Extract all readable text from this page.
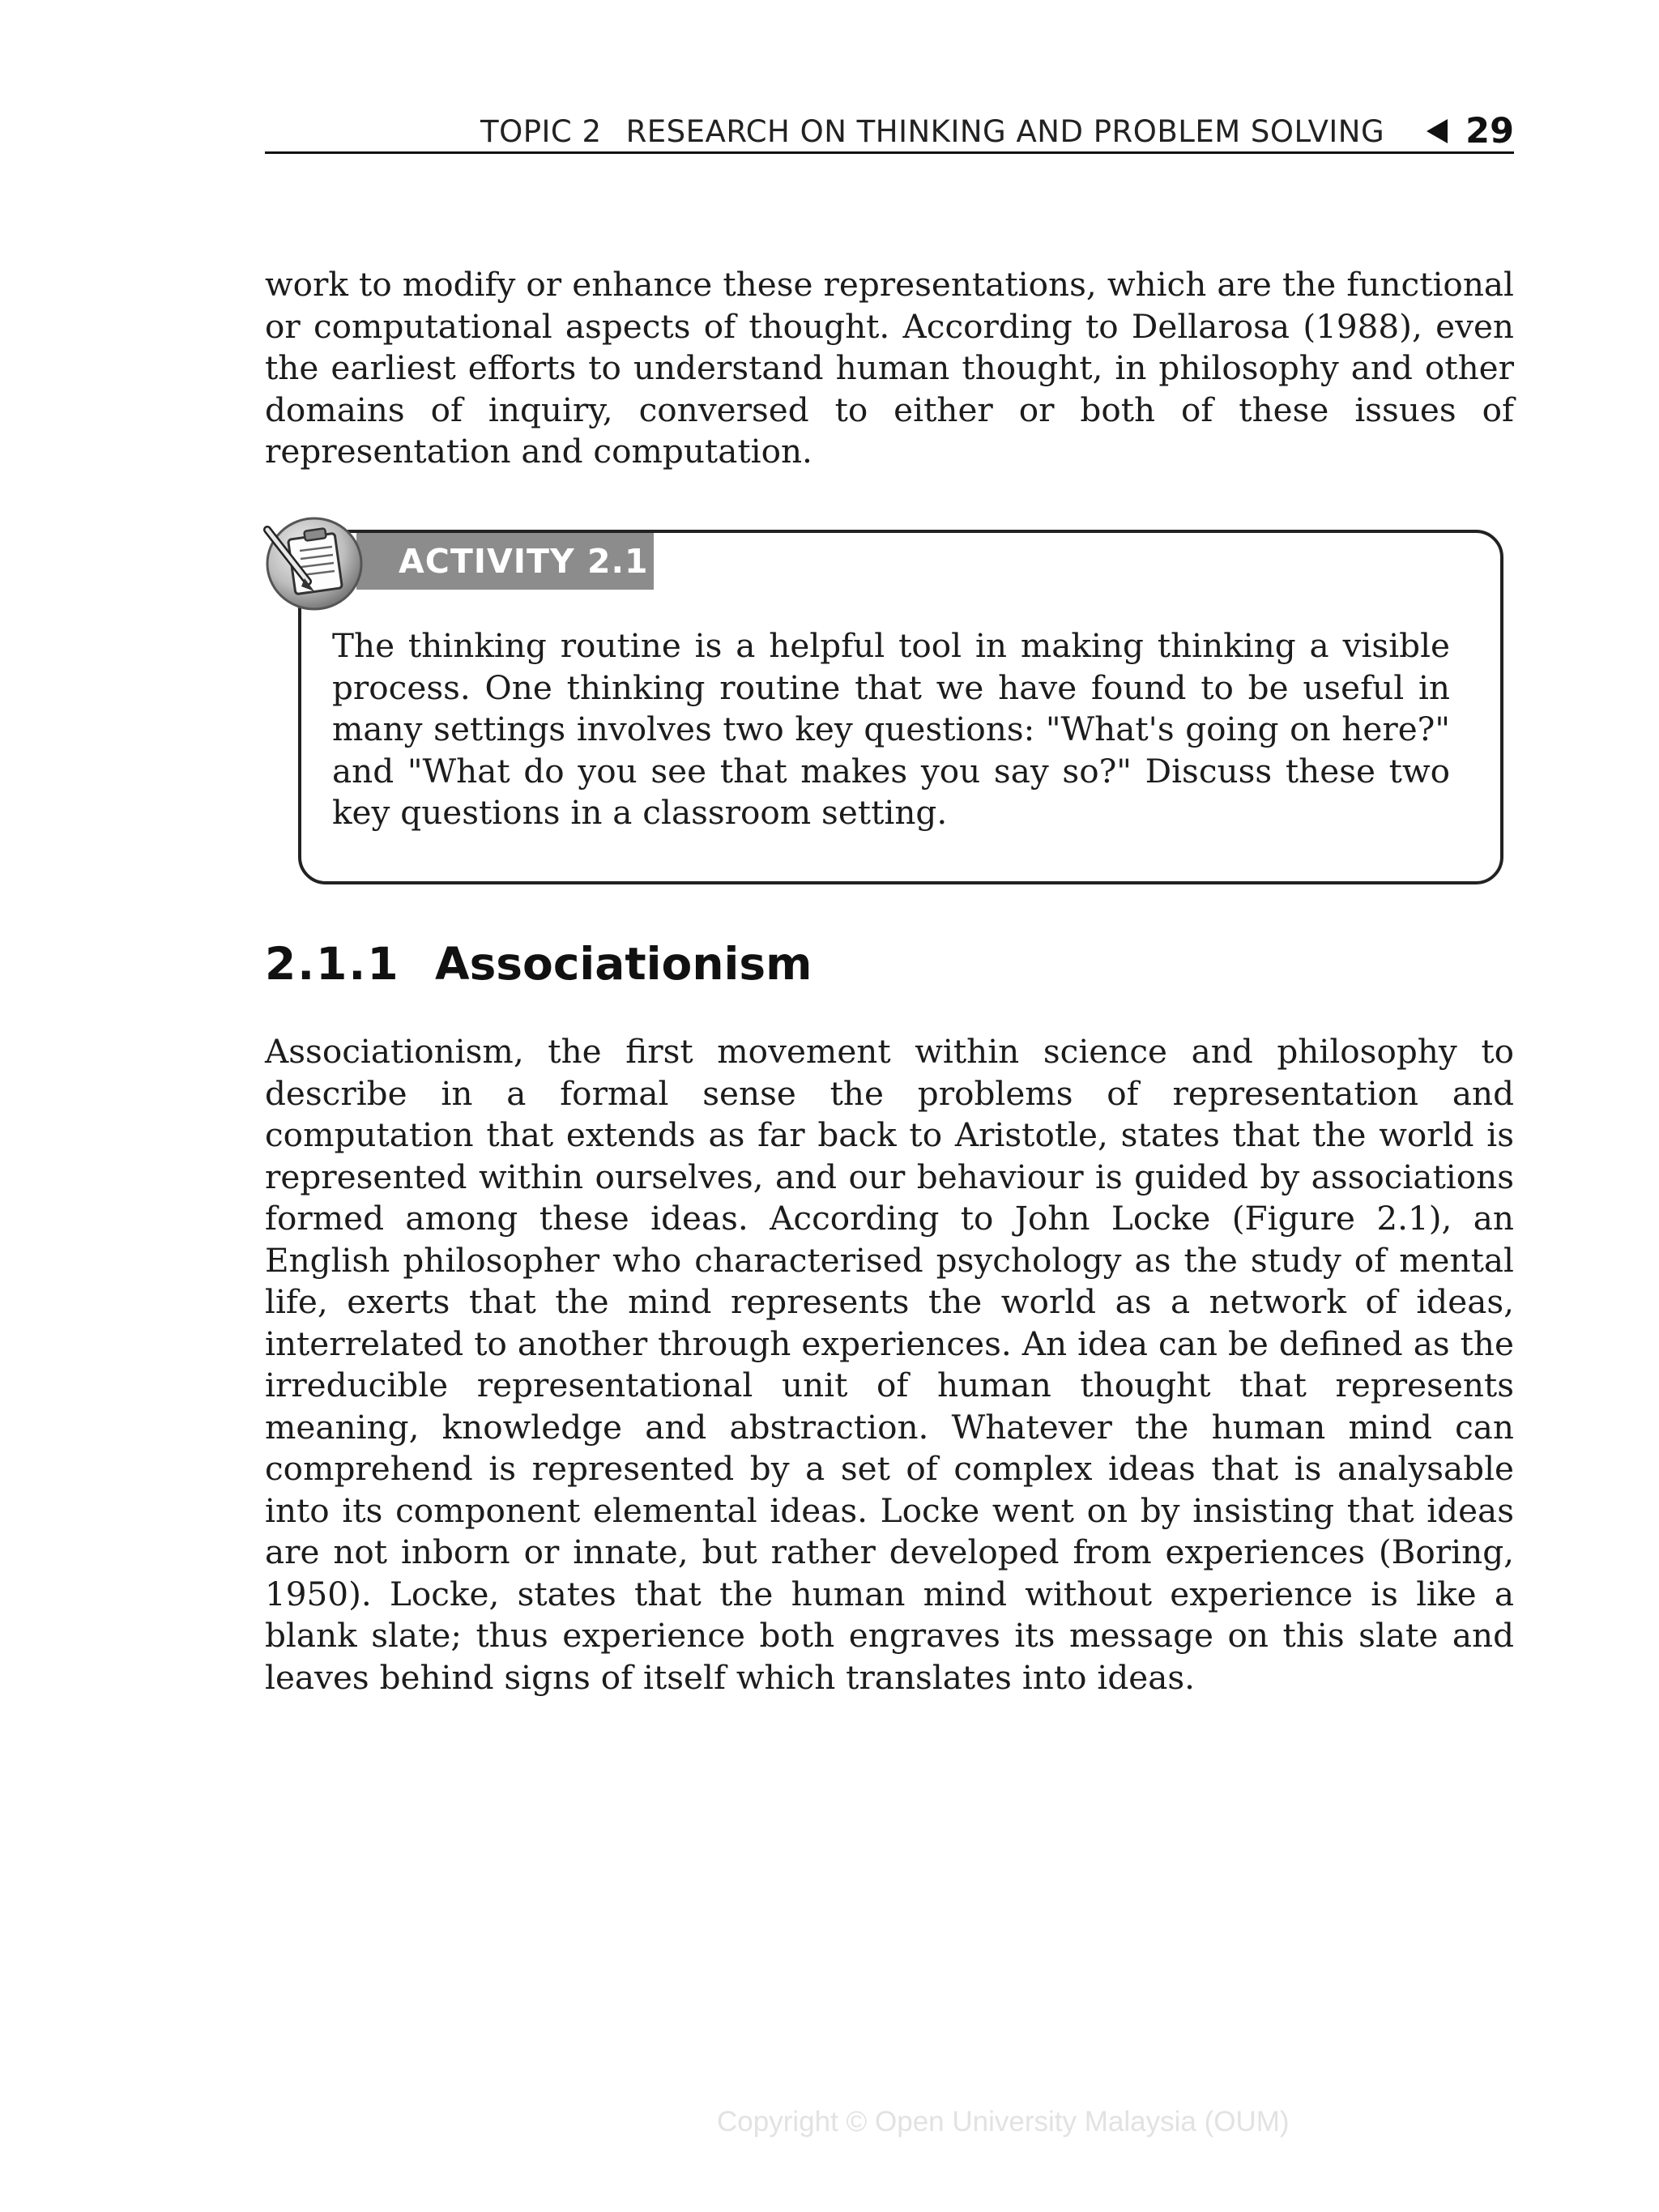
TOPIC 2 RESEARCH ON THINKING AND PROBLEM SOLVING 29

work to modify or enhance these representations, which are the functional or computational aspects of thought. According to Dellarosa (1988), even the earliest efforts to understand human thought, in philosophy and other domains of inquiry, conversed to either or both of these issues of representation and computation.

ACTIVITY 2.1

The thinking routine is a helpful tool in making thinking a visible process. One thinking routine that we have found to be useful in many settings involves two key questions: "What's going on here?" and "What do you see that makes you say so?" Discuss these two key questions in a classroom setting.

2.1.1 Associationism

Associationism, the first movement within science and philosophy to describe in a formal sense the problems of representation and computation that extends as far back to Aristotle, states that the world is represented within ourselves, and our behaviour is guided by associations formed among these ideas. According to John Locke (Figure 2.1), an English philosopher who characterised psychology as the study of mental life, exerts that the mind represents the world as a network of ideas, interrelated to another through experiences. An idea can be defined as the irreducible representational unit of human thought that represents meaning, knowledge and abstraction. Whatever the human mind can comprehend is represented by a set of complex ideas that is analysable into its component elemental ideas. Locke went on by insisting that ideas are not inborn or innate, but rather developed from experiences (Boring, 1950). Locke, states that the human mind without experience is like a blank slate; thus experience both engraves its message on this slate and leaves behind signs of itself which translates into ideas.

Copyright © Open University Malaysia (OUM)
